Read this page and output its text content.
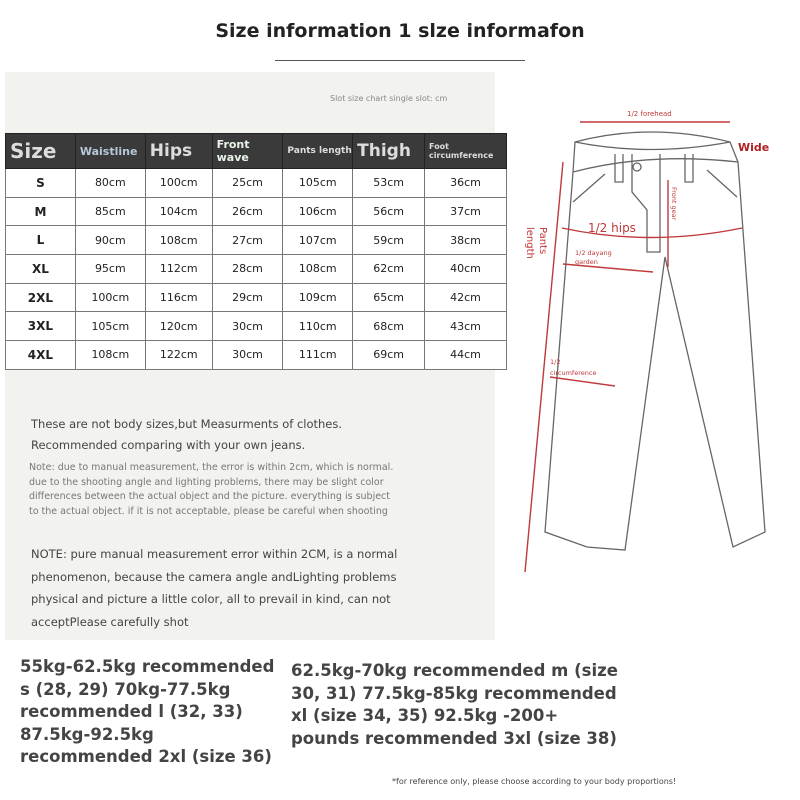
Size information 1 slze informafon
Slot size chart single slot: cm
Size	Waistline	Hips	Front wave	Pants length	Thigh	Foot circumference
S	80cm	100cm	25cm	105cm	53cm	36cm
M	85cm	104cm	26cm	106cm	56cm	37cm
L	90cm	108cm	27cm	107cm	59cm	38cm
XL	95cm	112cm	28cm	108cm	62cm	40cm
2XL	100cm	116cm	29cm	109cm	65cm	42cm
3XL	105cm	120cm	30cm	110cm	68cm	43cm
4XL	108cm	122cm	30cm	111cm	69cm	44cm
These are not body sizes,but Measurments of clothes.
Recommended comparing with your own jeans.
Note: due to manual measurement, the error is within 2cm, which is normal. due to the shooting angle and lighting problems, there may be slight color differences between the actual object and the picture. everything is subject to the actual object. if it is not acceptable, please be careful when shooting
NOTE: pure manual measurement error within 2CM, is a normal phenomenon, because the camera angle andLighting problems physical and picture a little color, all to prevail in kind, can not acceptPlease carefully shot
55kg-62.5kg recommended s (28, 29) 70kg-77.5kg recommended l (32, 33) 87.5kg-92.5kg recommended 2xl (size 36)
62.5kg-70kg recommended m (size 30, 31) 77.5kg-85kg recommended xl (size 34, 35) 92.5kg -200+ pounds recommended 3xl (size 38)
*for reference only, please choose according to your body proportions!
1/2 forehead
Wide
Front gear
1/2 hips
1/2 dayang
garden
Pants
length
1/2
circumference
